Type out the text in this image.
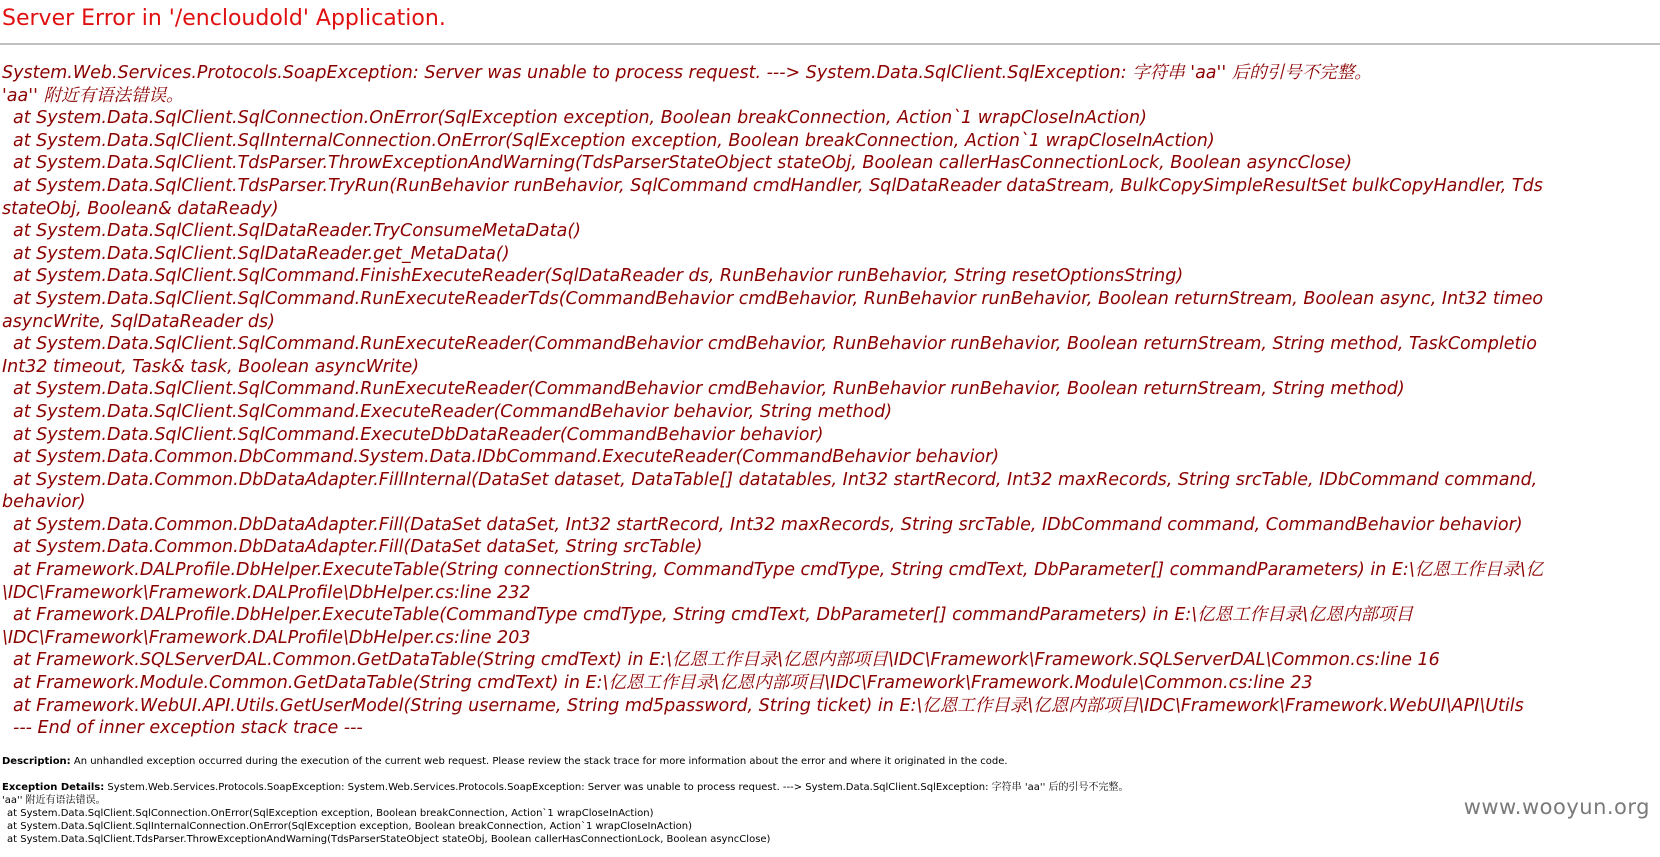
Server Error in '/encloudold' Application.
System.Web.Services.Protocols.SoapException: Server was unable to process request. ---> System.Data.SqlClient.SqlException: 字符串 'aa'' 后的引号不完整。
'aa'' 附近有语法错误。
at System.Data.SqlClient.SqlConnection.OnError(SqlException exception, Boolean breakConnection, Action`1 wrapCloseInAction)
at System.Data.SqlClient.SqlInternalConnection.OnError(SqlException exception, Boolean breakConnection, Action`1 wrapCloseInAction)
at System.Data.SqlClient.TdsParser.ThrowExceptionAndWarning(TdsParserStateObject stateObj, Boolean callerHasConnectionLock, Boolean asyncClose)
at System.Data.SqlClient.TdsParser.TryRun(RunBehavior runBehavior, SqlCommand cmdHandler, SqlDataReader dataStream, BulkCopySimpleResultSet bulkCopyHandler, Tds
stateObj, Boolean& dataReady)
at System.Data.SqlClient.SqlDataReader.TryConsumeMetaData()
at System.Data.SqlClient.SqlDataReader.get_MetaData()
at System.Data.SqlClient.SqlCommand.FinishExecuteReader(SqlDataReader ds, RunBehavior runBehavior, String resetOptionsString)
at System.Data.SqlClient.SqlCommand.RunExecuteReaderTds(CommandBehavior cmdBehavior, RunBehavior runBehavior, Boolean returnStream, Boolean async, Int32 timeo
asyncWrite, SqlDataReader ds)
at System.Data.SqlClient.SqlCommand.RunExecuteReader(CommandBehavior cmdBehavior, RunBehavior runBehavior, Boolean returnStream, String method, TaskCompletio
Int32 timeout, Task& task, Boolean asyncWrite)
at System.Data.SqlClient.SqlCommand.RunExecuteReader(CommandBehavior cmdBehavior, RunBehavior runBehavior, Boolean returnStream, String method)
at System.Data.SqlClient.SqlCommand.ExecuteReader(CommandBehavior behavior, String method)
at System.Data.SqlClient.SqlCommand.ExecuteDbDataReader(CommandBehavior behavior)
at System.Data.Common.DbCommand.System.Data.IDbCommand.ExecuteReader(CommandBehavior behavior)
at System.Data.Common.DbDataAdapter.FillInternal(DataSet dataset, DataTable[] datatables, Int32 startRecord, Int32 maxRecords, String srcTable, IDbCommand command,
behavior)
at System.Data.Common.DbDataAdapter.Fill(DataSet dataSet, Int32 startRecord, Int32 maxRecords, String srcTable, IDbCommand command, CommandBehavior behavior)
at System.Data.Common.DbDataAdapter.Fill(DataSet dataSet, String srcTable)
at Framework.DALProfile.DbHelper.ExecuteTable(String connectionString, CommandType cmdType, String cmdText, DbParameter[] commandParameters) in E:\亿恩工作目录\亿
\IDC\Framework\Framework.DALProfile\DbHelper.cs:line 232
at Framework.DALProfile.DbHelper.ExecuteTable(CommandType cmdType, String cmdText, DbParameter[] commandParameters) in E:\亿恩工作目录\亿恩内部项目
\IDC\Framework\Framework.DALProfile\DbHelper.cs:line 203
at Framework.SQLServerDAL.Common.GetDataTable(String cmdText) in E:\亿恩工作目录\亿恩内部项目\IDC\Framework\Framework.SQLServerDAL\Common.cs:line 16
at Framework.Module.Common.GetDataTable(String cmdText) in E:\亿恩工作目录\亿恩内部项目\IDC\Framework\Framework.Module\Common.cs:line 23
at Framework.WebUI.API.Utils.GetUserModel(String username, String md5password, String ticket) in E:\亿恩工作目录\亿恩内部项目\IDC\Framework\Framework.WebUI\API\Utils
--- End of inner exception stack trace ---
Description: An unhandled exception occurred during the execution of the current web request. Please review the stack trace for more information about the error and where it originated in the code.
Exception Details: System.Web.Services.Protocols.SoapException: System.Web.Services.Protocols.SoapException: Server was unable to process request. ---> System.Data.SqlClient.SqlException: 字符串 'aa'' 后的引号不完整。
'aa'' 附近有语法错误。
at System.Data.SqlClient.SqlConnection.OnError(SqlException exception, Boolean breakConnection, Action`1 wrapCloseInAction)
at System.Data.SqlClient.SqlInternalConnection.OnError(SqlException exception, Boolean breakConnection, Action`1 wrapCloseInAction)
at System.Data.SqlClient.TdsParser.ThrowExceptionAndWarning(TdsParserStateObject stateObj, Boolean callerHasConnectionLock, Boolean asyncClose)
www.wooyun.org
